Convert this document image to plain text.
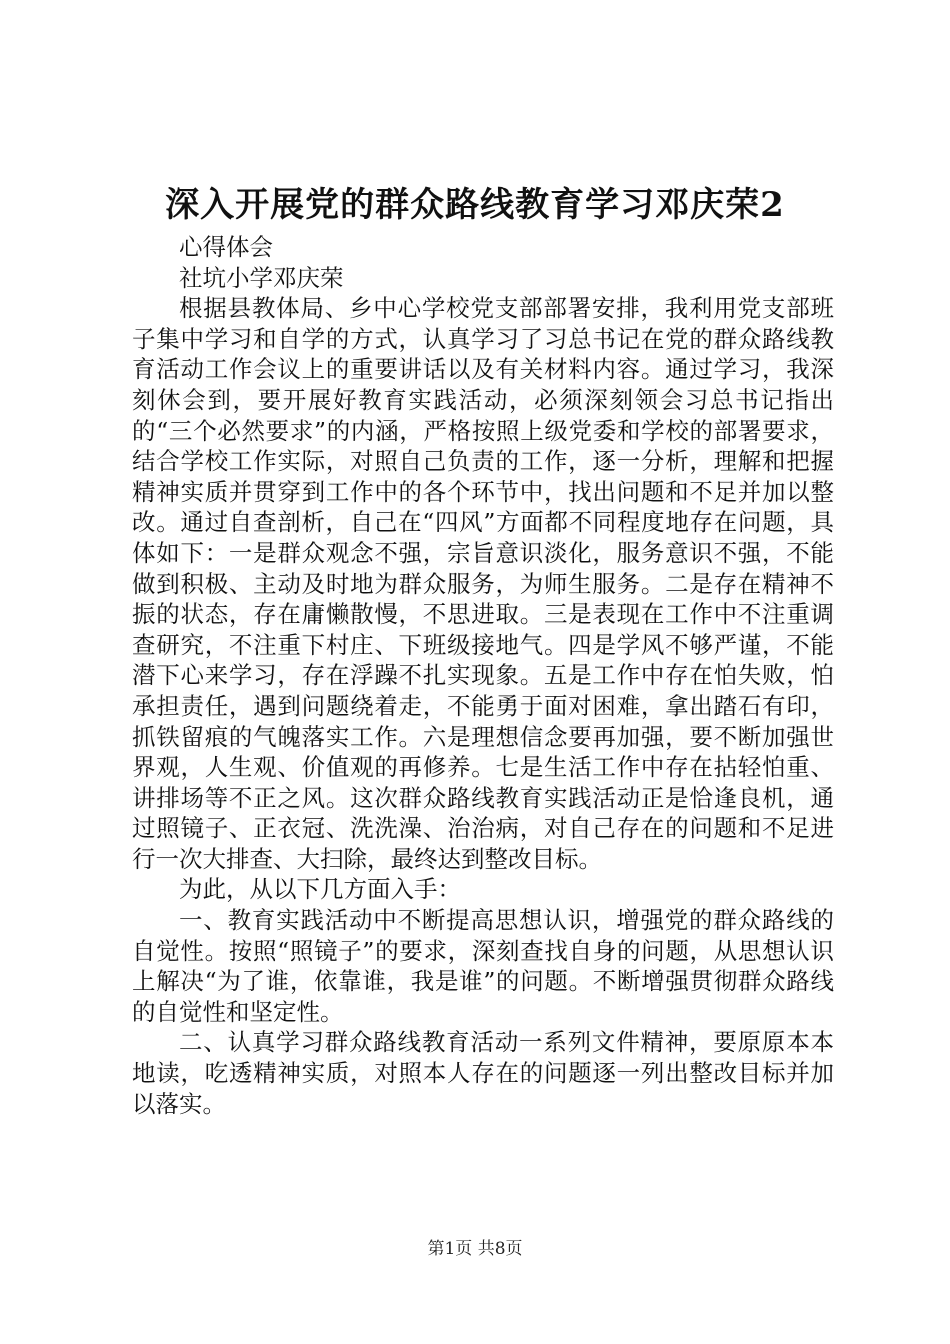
深入开展党的群众路线教育学习邓庆荣2

心得体会

社坑小学邓庆荣

根据县教体局、乡中心学校党支部部署安排，我利用党支部班子集中学习和自学的方式，认真学习了习总书记在党的群众路线教育活动工作会议上的重要讲话以及有关材料内容。通过学习，我深刻休会到，要开展好教育实践活动，必须深刻领会习总书记指出的“三个必然要求”的内涵，严格按照上级党委和学校的部署要求，结合学校工作实际，对照自己负责的工作，逐一分析，理解和把握精神实质并贯穿到工作中的各个环节中，找出问题和不足并加以整改。通过自查剖析，自己在“四风”方面都不同程度地存在问题，具体如下：一是群众观念不强，宗旨意识淡化，服务意识不强，不能做到积极、主动及时地为群众服务，为师生服务。二是存在精神不振的状态，存在庸懒散慢，不思进取。三是表现在工作中不注重调查研究，不注重下村庄、下班级接地气。四是学风不够严谨，不能潜下心来学习，存在浮躁不扎实现象。五是工作中存在怕失败，怕承担责任，遇到问题绕着走，不能勇于面对困难，拿出踏石有印，抓铁留痕的气魄落实工作。六是理想信念要再加强，要不断加强世界观，人生观、价值观的再修养。七是生活工作中存在拈轻怕重、讲排场等不正之风。这次群众路线教育实践活动正是恰逢良机，通过照镜子、正衣冠、洗洗澡、治治病，对自己存在的问题和不足进行一次大排查、大扫除，最终达到整改目标。

为此，从以下几方面入手：

一、教育实践活动中不断提高思想认识，增强党的群众路线的自觉性。按照“照镜子”的要求，深刻查找自身的问题，从思想认识上解决“为了谁，依靠谁，我是谁”的问题。不断增强贯彻群众路线的自觉性和坚定性。

二、认真学习群众路线教育活动一系列文件精神，要原原本本地读，吃透精神实质，对照本人存在的问题逐一列出整改目标并加以落实。

第1页 共8页
